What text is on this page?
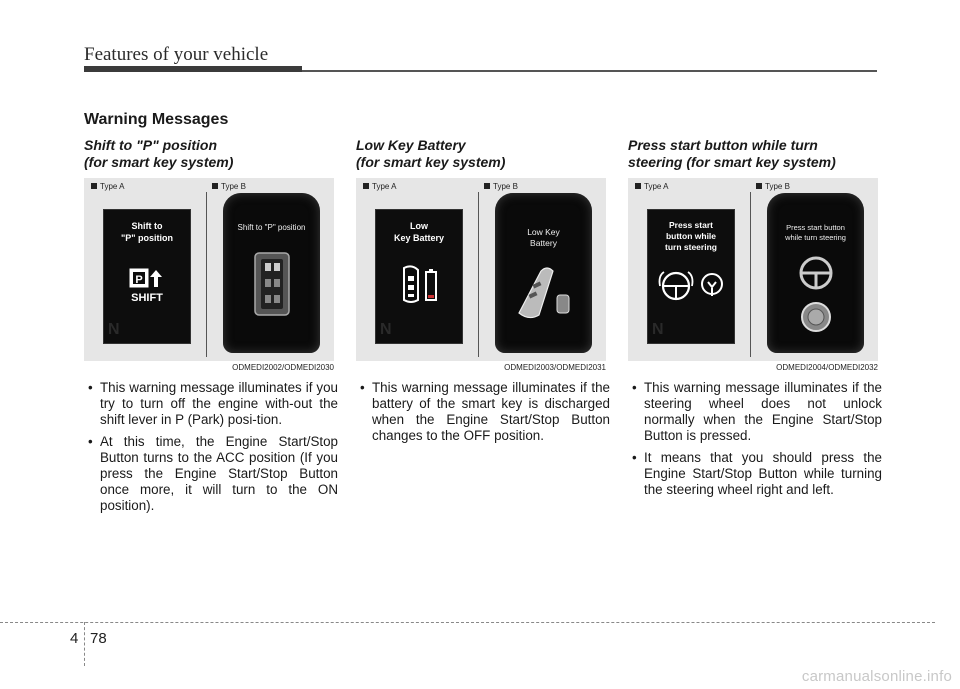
Features of your vehicle
Warning Messages
Shift to "P" position
(for smart key system)
Type A	Type B
Shift to
"P" position
P
SHIFT
N
Shift to "P" position
ODMEDI2002/ODMEDI2030
• This warning message illuminates if you try to turn off the engine with-out the shift lever in P (Park) posi-tion.
• At this time, the Engine Start/Stop Button turns to the ACC position (If you press the Engine Start/Stop Button once more, it will turn to the ON position).
Low Key Battery
(for smart key system)
Type A	Type B
Low
Key Battery
N
Low Key
Battery
ODMEDI2003/ODMEDI2031
• This warning message illuminates if the battery of the smart key is discharged when the Engine Start/Stop Button changes to the OFF position.
Press start button while turn
steering (for smart key system)
Type A	Type B
Press start
button while
turn steering
N
Press start button
while turn steering
ODMEDI2004/ODMEDI2032
• This warning message illuminates if the steering wheel does not unlock normally when the Engine Start/Stop Button is pressed.
• It means that you should press the Engine Start/Stop Button while turning the steering wheel right and left.
4 78
carmanualsonline.info
